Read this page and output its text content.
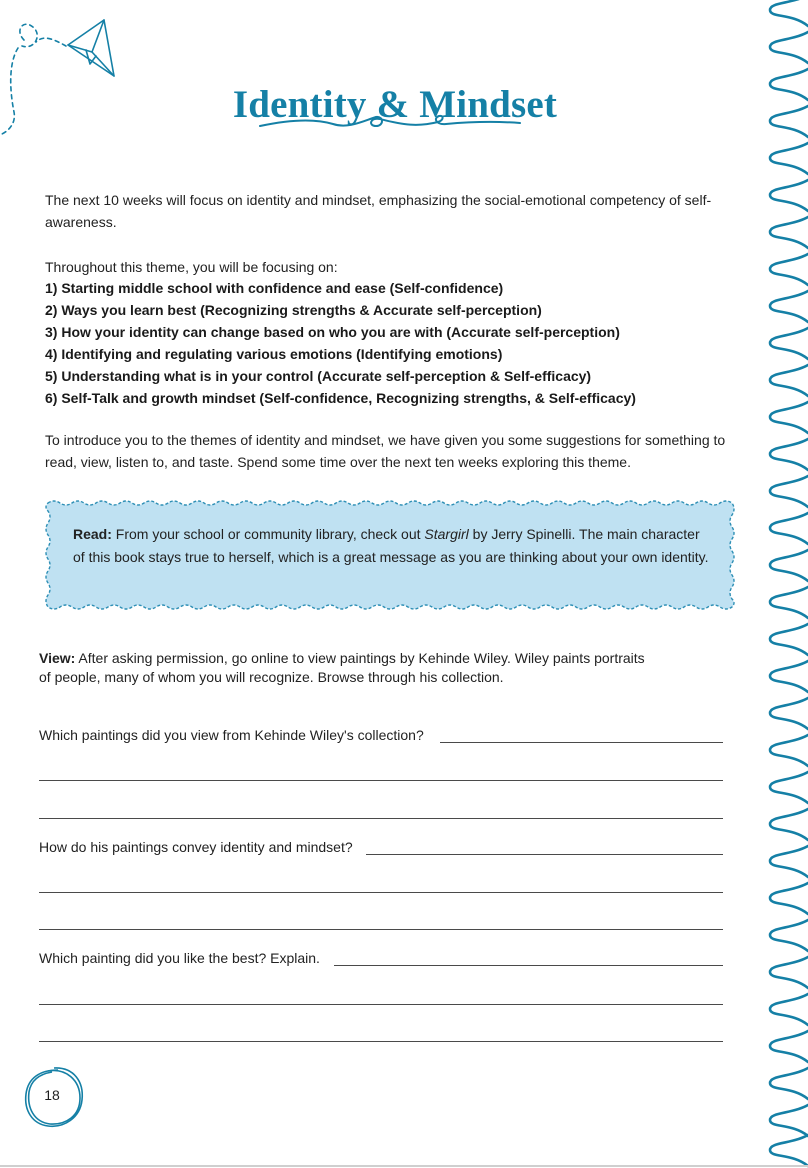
Identity & Mindset

The next 10 weeks will focus on identity and mindset, emphasizing the social-emotional competency of self-awareness.

Throughout this theme, you will be focusing on:

1) Starting middle school with confidence and ease (Self-confidence)
2) Ways you learn best (Recognizing strengths & Accurate self-perception)
3) How your identity can change based on who you are with (Accurate self-perception)
4) Identifying and regulating various emotions (Identifying emotions)
5) Understanding what is in your control (Accurate self-perception & Self-efficacy)
6) Self-Talk and growth mindset (Self-confidence, Recognizing strengths, & Self-efficacy)

To introduce you to the themes of identity and mindset, we have given you some suggestions for something to read, view, listen to, and taste. Spend some time over the next ten weeks exploring this theme.

Read: From your school or community library, check out Stargirl by Jerry Spinelli. The main character of this book stays true to herself, which is a great message as you are thinking about your own identity.

View: After asking permission, go online to view paintings by Kehinde Wiley. Wiley paints portraits
of people, many of whom you will recognize. Browse through his collection.

Which paintings did you view from Kehinde Wiley's collection?
How do his paintings convey identity and mindset?
Which painting did you like the best? Explain.
18
